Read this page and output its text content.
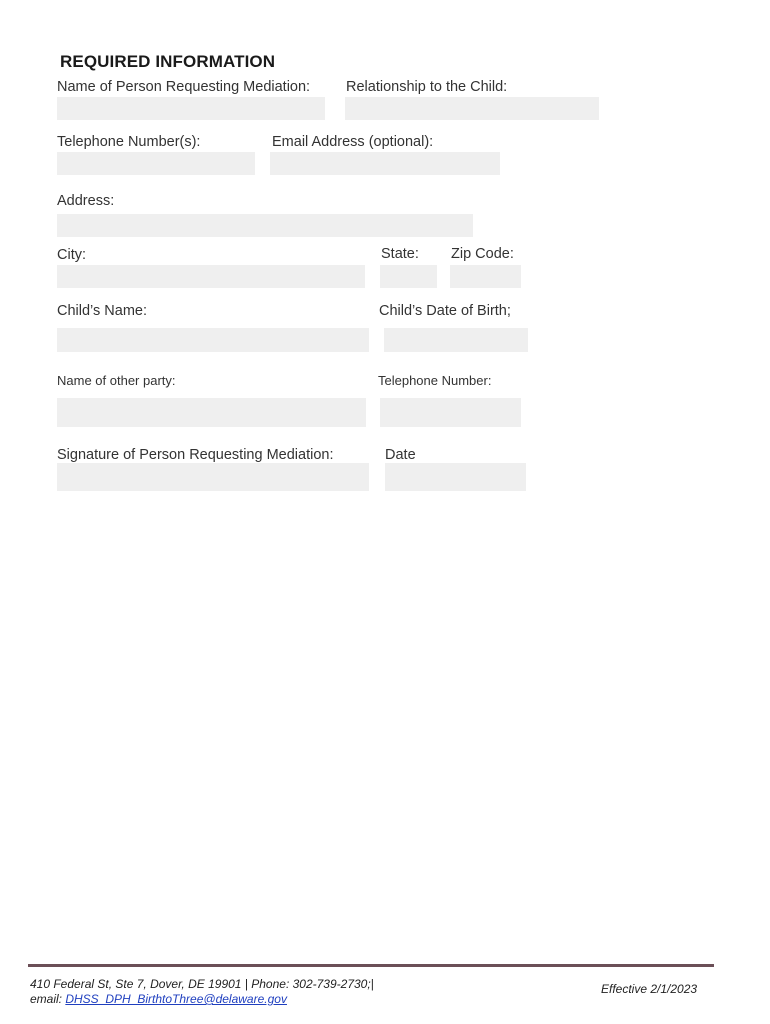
REQUIRED INFORMATION
Name of Person Requesting Mediation: Relationship to the Child:
Telephone Number(s):	Email Address (optional):
Address:
City:	State: Zip Code:
Child’s Name:	Child’s Date of Birth;
Name of other party:	Telephone Number:
Signature of Person Requesting Mediation:	Date
410 Federal St, Ste 7, Dover, DE 19901 | Phone: 302-739-2730;|
email: DHSS_DPH_BirthtoThree@delaware.gov
Effective 2/1/2023
